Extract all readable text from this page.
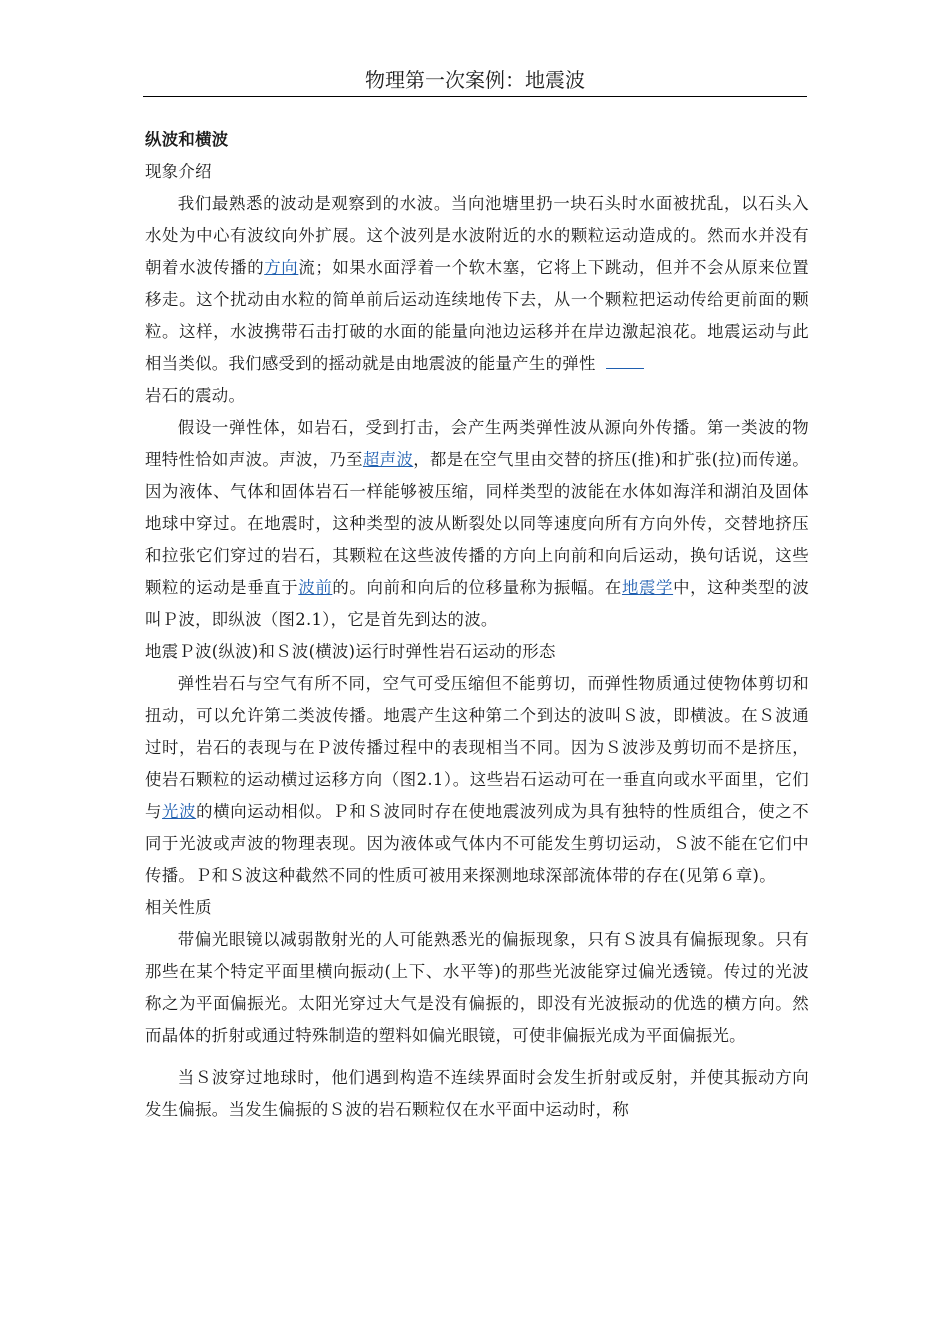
物理第一次案例：地震波
纵波和横波

现象介绍

我们最熟悉的波动是观察到的水波。当向池塘里扔一块石头时水面被扰乱，以石头入水处为中心有波纹向外扩展。这个波列是水波附近的水的颗粒运动造成的。然而水并没有朝着水波传播的方向流；如果水面浮着一个软木塞，它将上下跳动，但并不会从原来位置移走。这个扰动由水粒的简单前后运动连续地传下去，从一个颗粒把运动传给更前面的颗粒。这样，水波携带石击打破的水面的能量向池边运移并在岸边激起浪花。地震运动与此相当类似。我们感受到的摇动就是由地震波的能量产生的弹性

岩石的震动。

假设一弹性体，如岩石，受到打击，会产生两类弹性波从源向外传播。第一类波的物理特性恰如声波。声波，乃至超声波，都是在空气里由交替的挤压(推)和扩张(拉)而传递。因为液体、气体和固体岩石一样能够被压缩，同样类型的波能在水体如海洋和湖泊及固体地球中穿过。在地震时，这种类型的波从断裂处以同等速度向所有方向外传，交替地挤压和拉张它们穿过的岩石，其颗粒在这些波传播的方向上向前和向后运动，换句话说，这些颗粒的运动是垂直于波前的。向前和向后的位移量称为振幅。在地震学中，这种类型的波叫Ｐ波，即纵波（图2.1），它是首先到达的波。

地震Ｐ波(纵波)和Ｓ波(横波)运行时弹性岩石运动的形态

弹性岩石与空气有所不同，空气可受压缩但不能剪切，而弹性物质通过使物体剪切和扭动，可以允许第二类波传播。地震产生这种第二个到达的波叫Ｓ波，即横波。在Ｓ波通过时，岩石的表现与在Ｐ波传播过程中的表现相当不同。因为Ｓ波涉及剪切而不是挤压，使岩石颗粒的运动横过运移方向（图2.1）。这些岩石运动可在一垂直向或水平面里，它们与光波的横向运动相似。Ｐ和Ｓ波同时存在使地震波列成为具有独特的性质组合，使之不同于光波或声波的物理表现。因为液体或气体内不可能发生剪切运动，Ｓ波不能在它们中传播。Ｐ和Ｓ波这种截然不同的性质可被用来探测地球深部流体带的存在(见第６章)。

相关性质

带偏光眼镜以减弱散射光的人可能熟悉光的偏振现象，只有Ｓ波具有偏振现象。只有那些在某个特定平面里横向振动(上下、水平等)的那些光波能穿过偏光透镜。传过的光波称之为平面偏振光。太阳光穿过大气是没有偏振的，即没有光波振动的优选的横方向。然而晶体的折射或通过特殊制造的塑料如偏光眼镜，可使非偏振光成为平面偏振光。

当Ｓ波穿过地球时，他们遇到构造不连续界面时会发生折射或反射，并使其振动方向发生偏振。当发生偏振的Ｓ波的岩石颗粒仅在水平面中运动时，称
